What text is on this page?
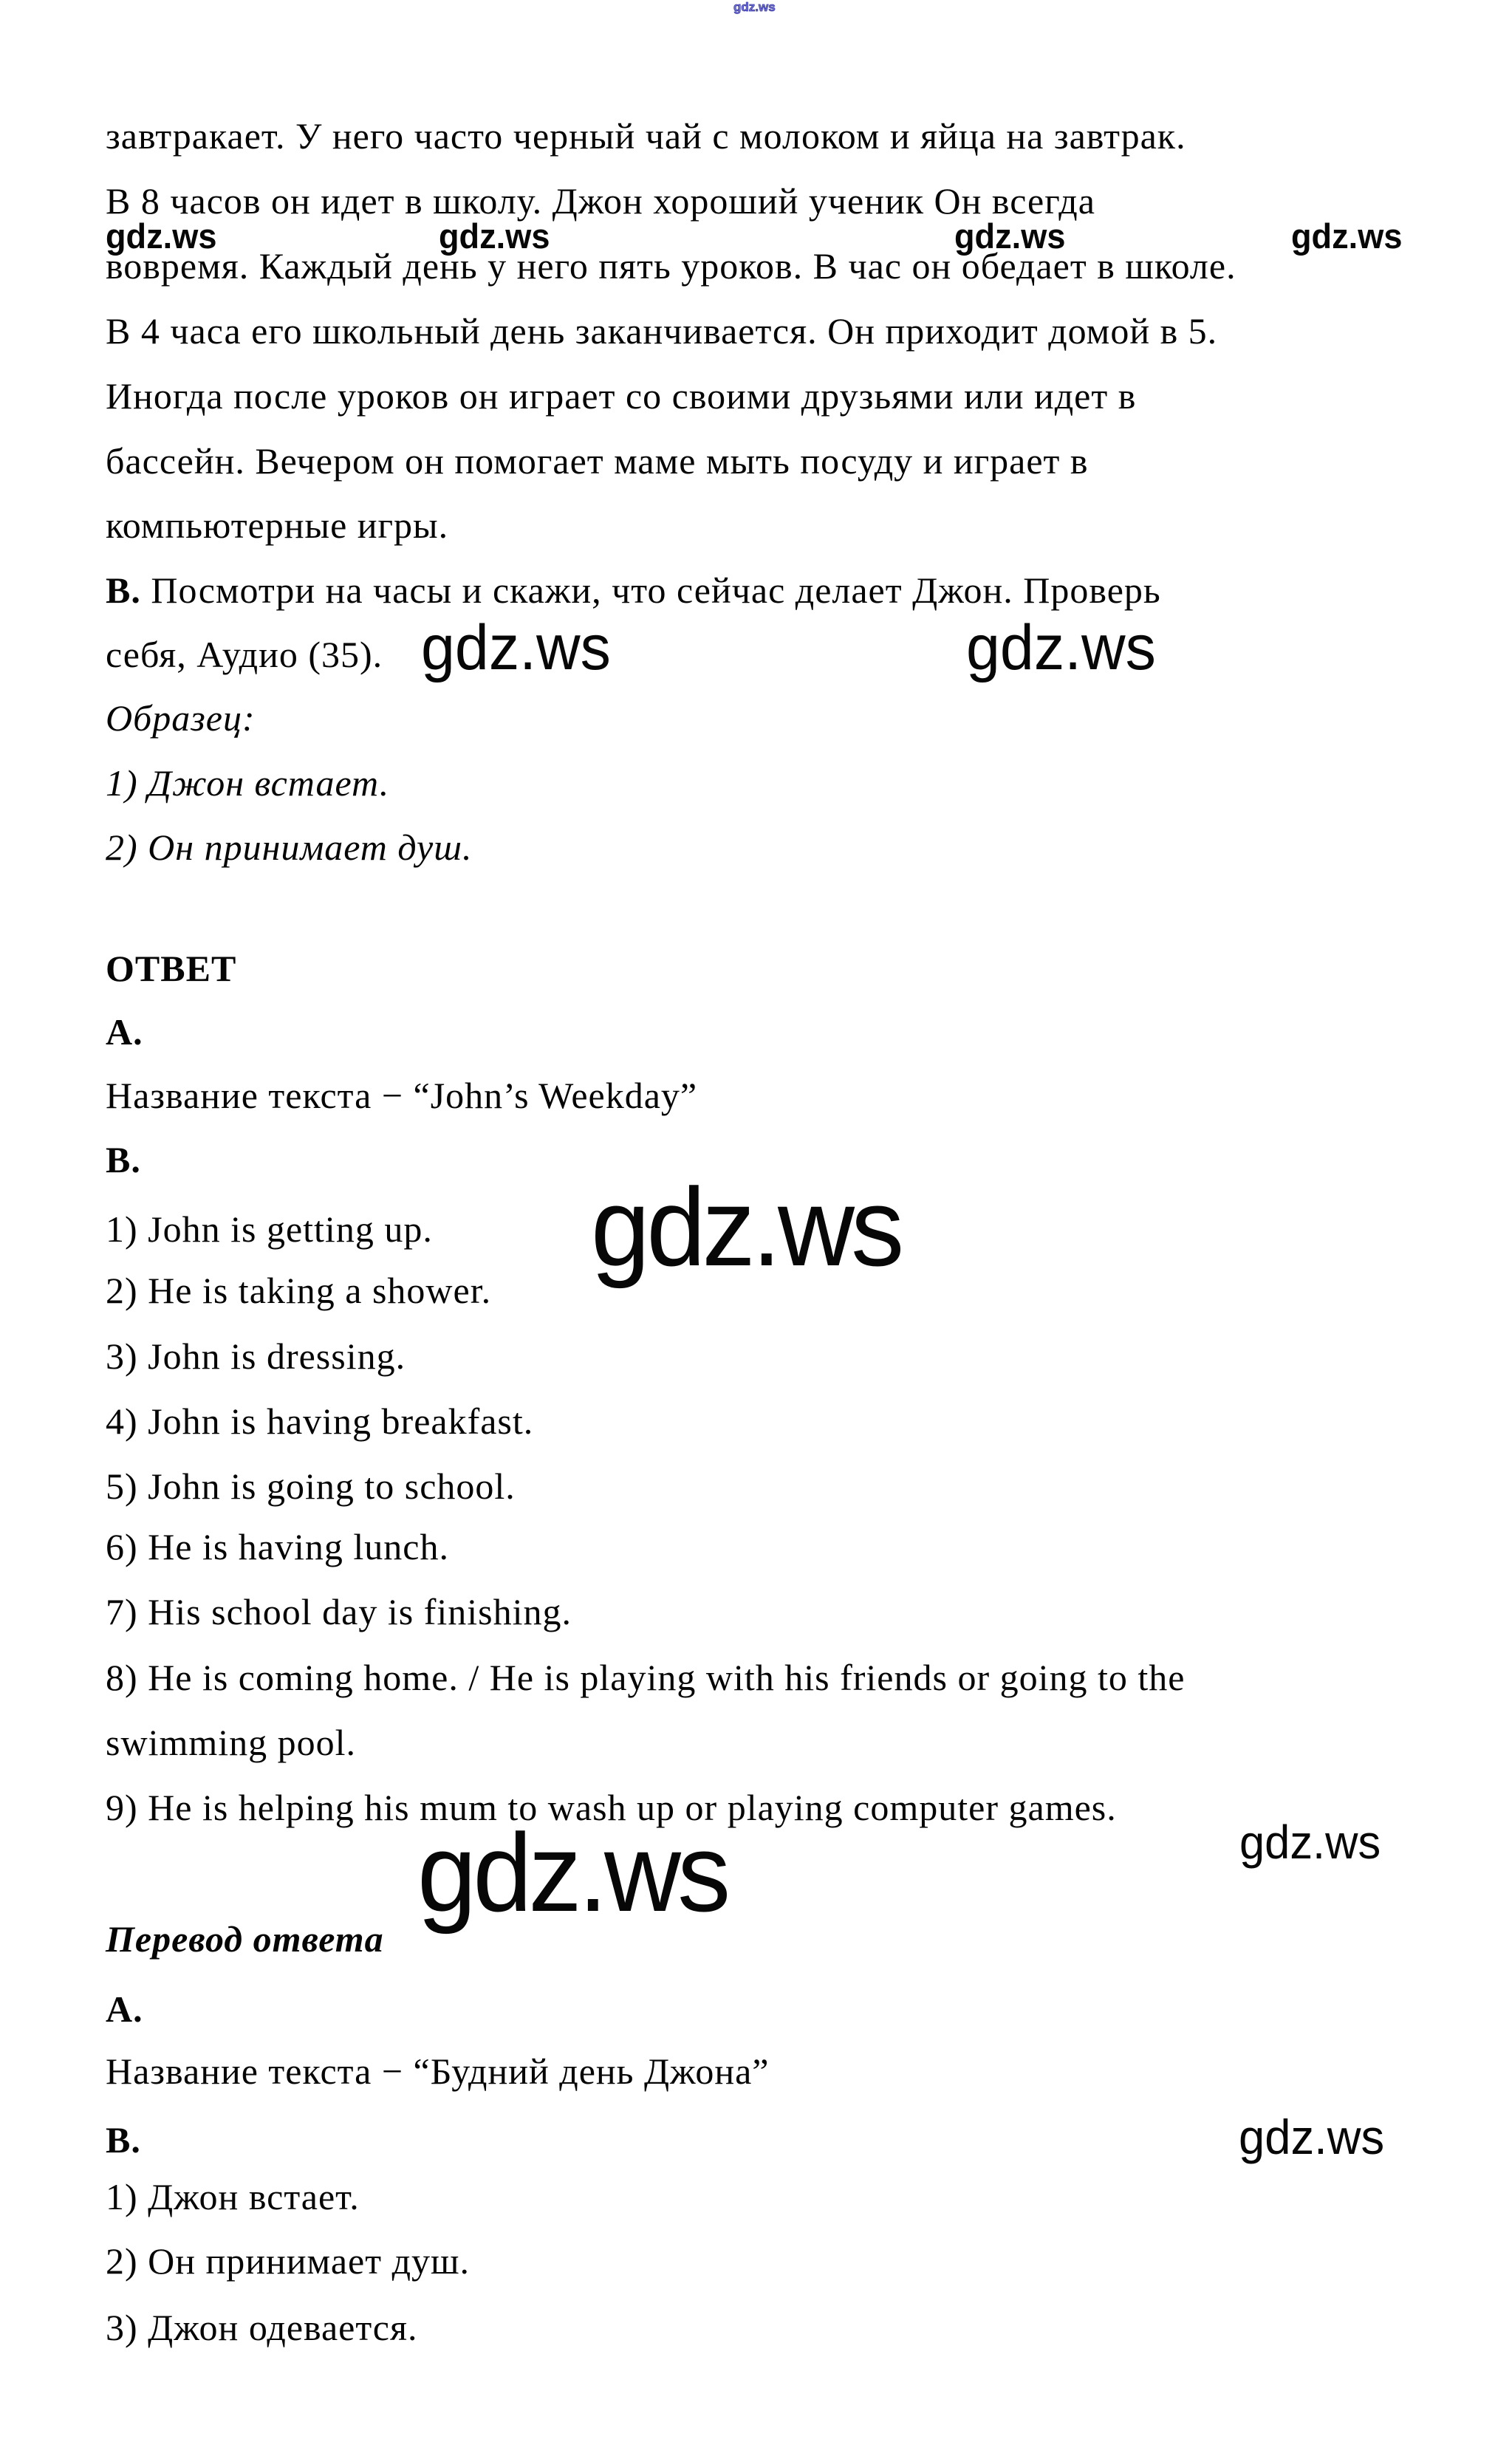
завтракает. У него часто черный чай с молоком и яйца на завтрак.
В 8 часов он идет в школу. Джон хороший ученик Он всегда
вовремя. Каждый день у него пять уроков. В час он обедает в школе.
В 4 часа его школьный день заканчивается. Он приходит домой в 5.
Иногда после уроков он играет со своими друзьями или идет в
бассейн. Вечером он помогает маме мыть посуду и играет в
компьютерные игры.
В. Посмотри на часы и скажи, что сейчас делает Джон. Проверь
себя, Аудио (35).
Образец:
1) Джон встает.
2) Он принимает душ.
ОТВЕТ
А.
Название текста − “John’s Weekday”
В.
1) John is getting up.
2) He is taking a shower.
3) John is dressing.
4) John is having breakfast.
5) John is going to school.
6) He is having lunch.
7) His school day is finishing.
8) He is coming home. / He is playing with his friends or going to the
swimming pool.
9) He is helping his mum to wash up or playing computer games.
Перевод ответа
А.
Название текста − “Будний день Джона”
В.
1) Джон встает.
2) Он принимает душ.
3) Джон одевается.
gdz.ws
gdz.ws	gdz.ws	gdz.ws	gdz.ws
gdz.ws	gdz.ws
gdz.ws
gdz.ws	gdz.ws
gdz.ws
